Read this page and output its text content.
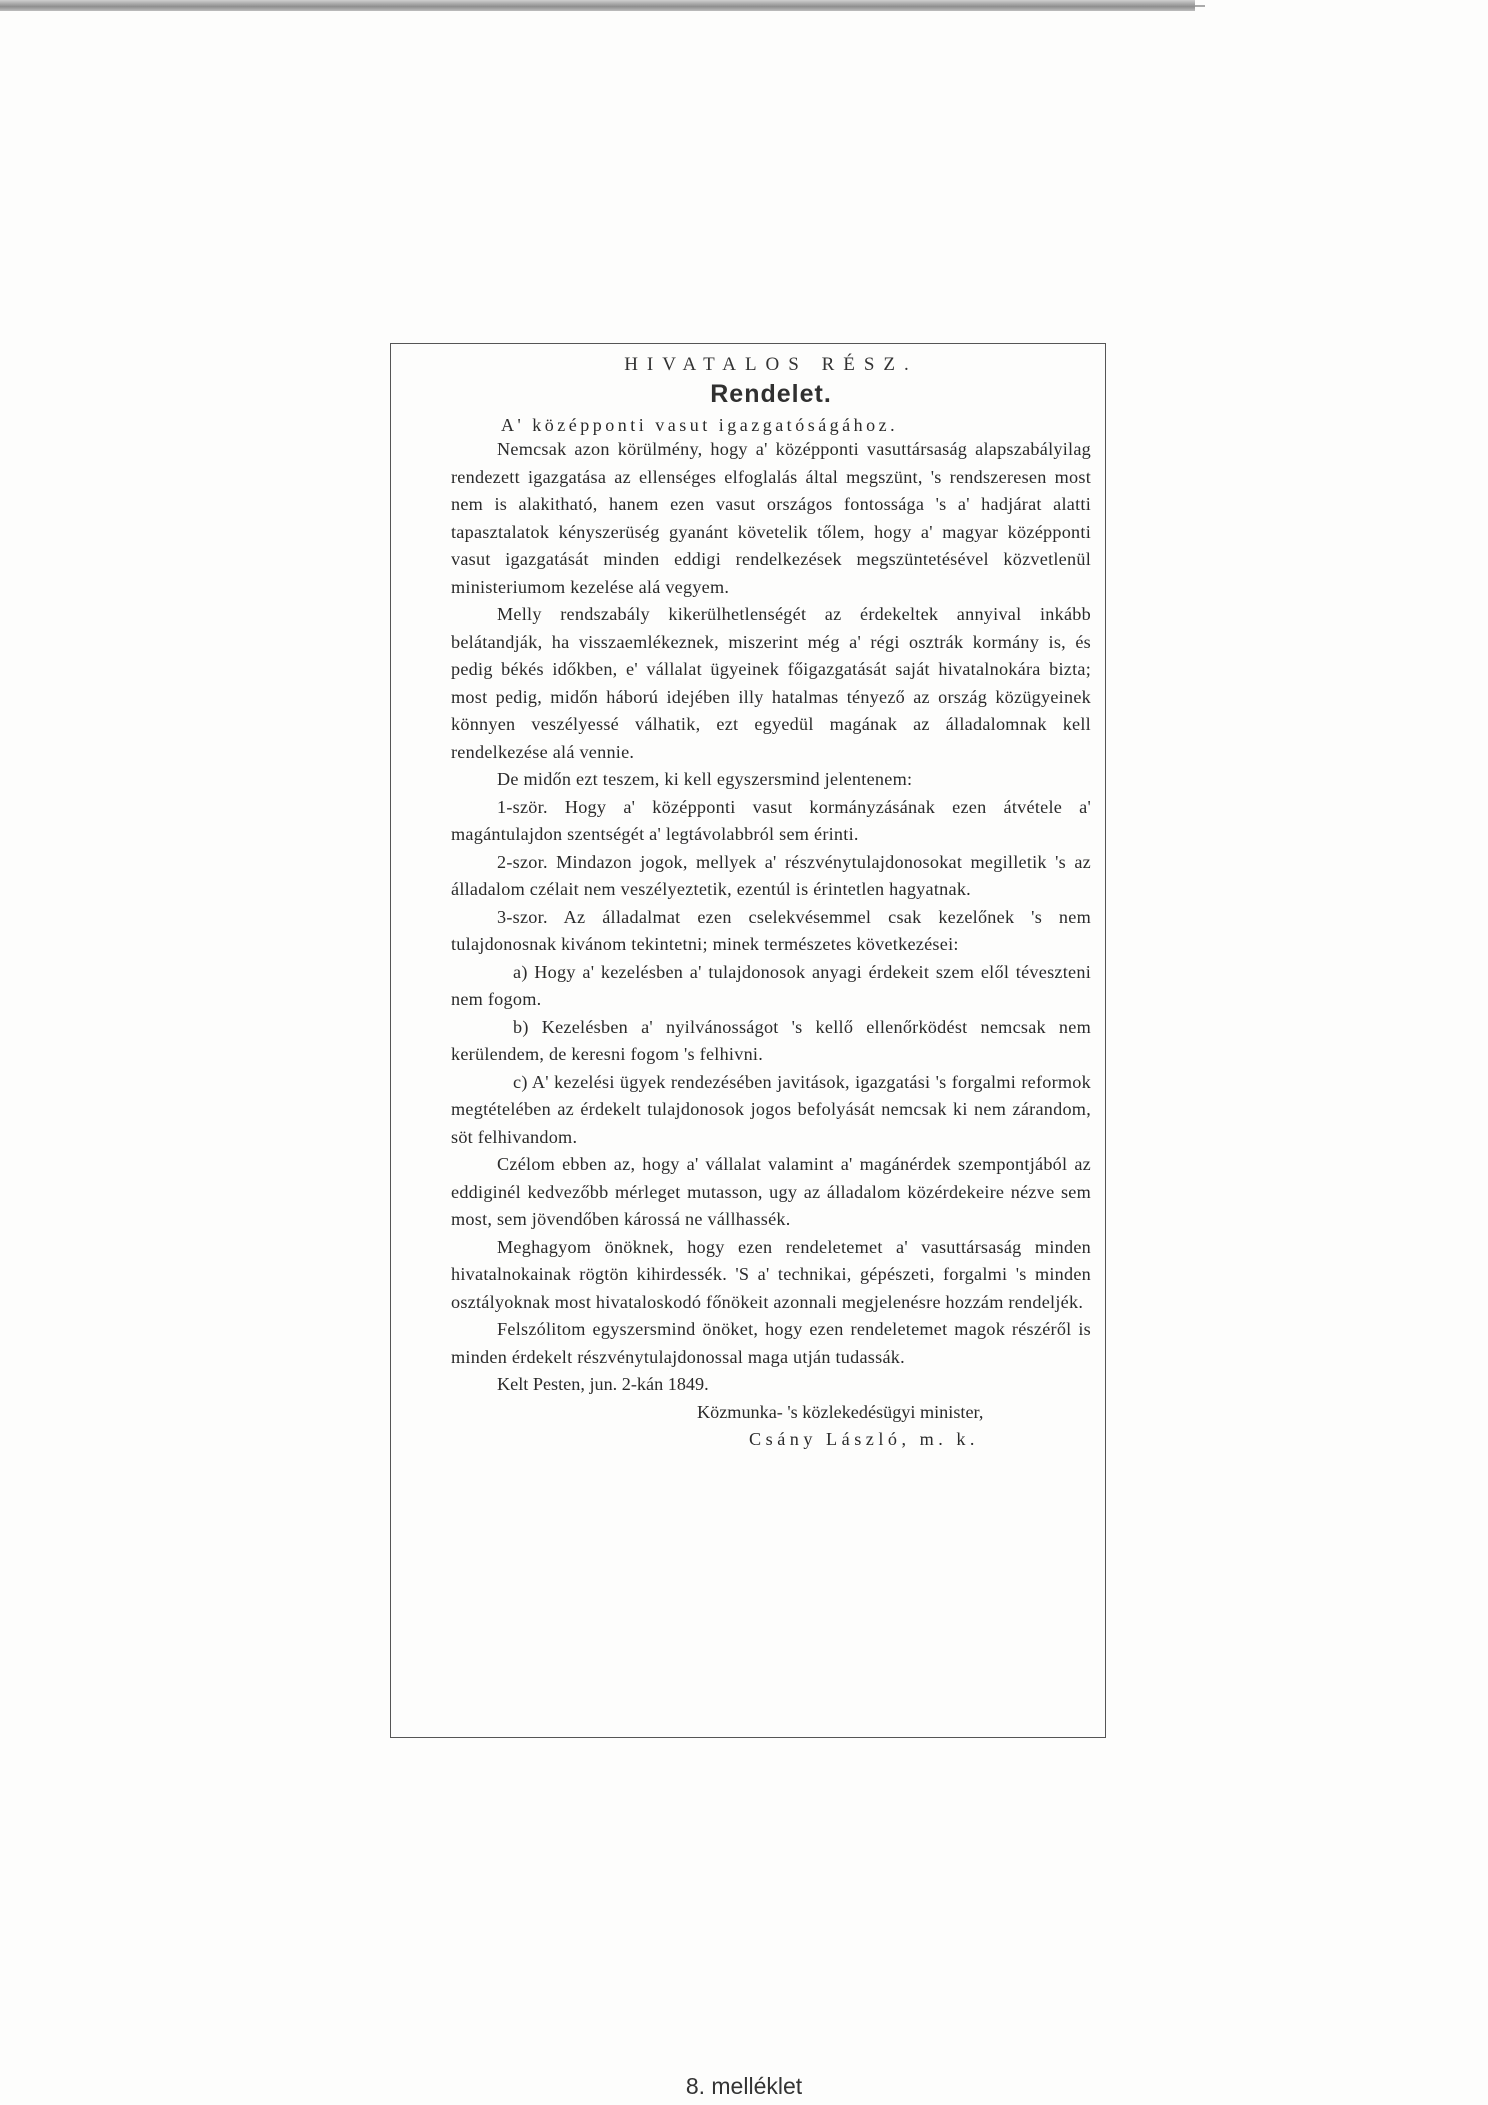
HIVATALOS RÉSZ.

Rendelet.

A' középponti vasut igazgatóságához.

Nemcsak azon körülmény, hogy a' középponti vasuttársaság alapszabályilag rendezett igazgatása az ellenséges elfoglalás által megszünt, 's rendszeresen most nem is alakitható, hanem ezen vasut országos fontossága 's a' hadjárat alatti tapasztalatok kényszerüség gyanánt követelik tőlem, hogy a' magyar középponti vasut igazgatását minden eddigi rendelkezések megszüntetésével közvetlenül ministeriumom kezelése alá vegyem.

Melly rendszabály kikerülhetlenségét az érdekeltek annyival inkább belátandják, ha visszaemlékeznek, miszerint még a' régi osztrák kormány is, és pedig békés időkben, e' vállalat ügyeinek főigazgatását saját hivatalnokára bizta; most pedig, midőn háború idejében illy hatalmas tényező az ország közügyeinek könnyen veszélyessé válhatik, ezt egyedül magának az álladalomnak kell rendelkezése alá vennie.

De midőn ezt teszem, ki kell egyszersmind jelentenem:

1-ször. Hogy a' középponti vasut kormányzásának ezen átvétele a' magántulajdon szentségét a' legtávolabbról sem érinti.

2-szor. Mindazon jogok, mellyek a' részvénytulajdonosokat megilletik 's az álladalom czélait nem veszélyeztetik, ezentúl is érintetlen hagyatnak.

3-szor. Az álladalmat ezen cselekvésemmel csak kezelőnek 's nem tulajdonosnak kivánom tekintetni; minek természetes következései:

a) Hogy a' kezelésben a' tulajdonosok anyagi érdekeit szem elől téveszteni nem fogom.

b) Kezelésben a' nyilvánosságot 's kellő ellenőrködést nemcsak nem kerülendem, de keresni fogom 's felhivni.

c) A' kezelési ügyek rendezésében javitások, igazgatási 's forgalmi reformok megtételében az érdekelt tulajdonosok jogos befolyását nemcsak ki nem zárandom, söt felhivandom.

Czélom ebben az, hogy a' vállalat valamint a' magánérdek szempontjából az eddiginél kedvezőbb mérleget mutasson, ugy az álladalom közérdekeire nézve sem most, sem jövendőben károssá ne vállhassék.

Meghagyom önöknek, hogy ezen rendeletemet a' vasuttársaság minden hivatalnokainak rögtön kihirdessék. 'S a' technikai, gépészeti, forgalmi 's minden osztályoknak most hivataloskodó főnökeit azonnali megjelenésre hozzám rendeljék.

Felszólitom egyszersmind önöket, hogy ezen rendeletemet magok részéről is minden érdekelt részvénytulajdonossal maga utján tudassák.

Kelt Pesten, jun. 2-kán 1849.
Közmunka- 's közlekedésügyi minister,
Csány László, m. k.
8. melléklet
